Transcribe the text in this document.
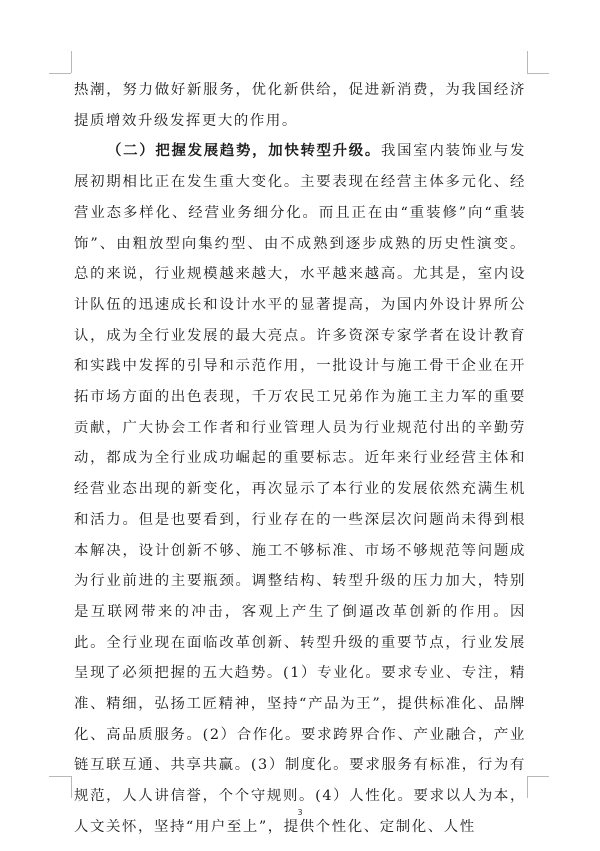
热潮，努力做好新服务，优化新供给，促进新消费，为我国经济提质增效升级发挥更大的作用。

（二）把握发展趋势，加快转型升级。我国室内装饰业与发展初期相比正在发生重大变化。主要表现在经营主体多元化、经营业态多样化、经营业务细分化。而且正在由“重装修”向“重装饰”、由粗放型向集约型、由不成熟到逐步成熟的历史性演变。总的来说，行业规模越来越大，水平越来越高。尤其是，室内设计队伍的迅速成长和设计水平的显著提高，为国内外设计界所公认，成为全行业发展的最大亮点。许多资深专家学者在设计教育和实践中发挥的引导和示范作用，一批设计与施工骨干企业在开拓市场方面的出色表现，千万农民工兄弟作为施工主力军的重要贡献，广大协会工作者和行业管理人员为行业规范付出的辛勤劳动，都成为全行业成功崛起的重要标志。近年来行业经营主体和经营业态出现的新变化，再次显示了本行业的发展依然充满生机和活力。但是也要看到，行业存在的一些深层次问题尚未得到根本解决，设计创新不够、施工不够标准、市场不够规范等问题成为行业前进的主要瓶颈。调整结构、转型升级的压力加大，特别是互联网带来的冲击，客观上产生了倒逼改革创新的作用。因此。全行业现在面临改革创新、转型升级的重要节点，行业发展呈现了必须把握的五大趋势。(1）专业化。要求专业、专注，精准、精细，弘扬工匠精神，坚持“产品为王”，提供标准化、品牌化、高品质服务。(2）合作化。要求跨界合作、产业融合，产业链互联互通、共享共赢。(3）制度化。要求服务有标准，行为有规范，人人讲信誉，个个守规则。(4）人性化。要求以人为本，人文关怀，坚持“用户至上”，提供个性化、定制化、人性

3
